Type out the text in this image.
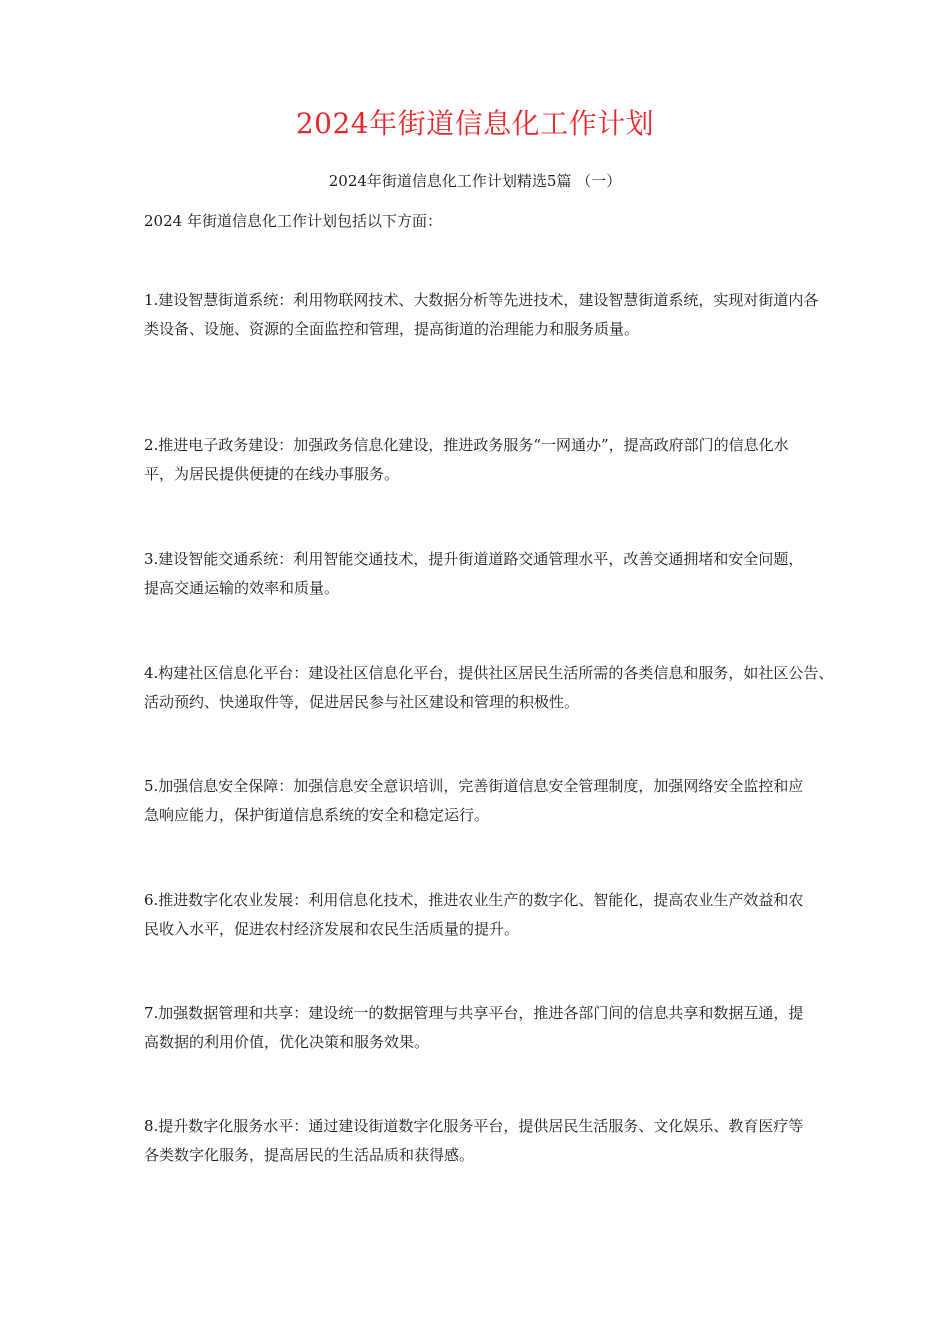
2024年街道信息化工作计划
2024年街道信息化工作计划精选5篇 （一）
2024 年街道信息化工作计划包括以下方面：
1.建设智慧街道系统：利用物联网技术、大数据分析等先进技术，建设智慧街道系统，实现对街道内各类设备、设施、资源的全面监控和管理，提高街道的治理能力和服务质量。
2.推进电子政务建设：加强政务信息化建设，推进政务服务“一网通办”，提高政府部门的信息化水平，为居民提供便捷的在线办事服务。
3.建设智能交通系统：利用智能交通技术，提升街道道路交通管理水平，改善交通拥堵和安全问题，提高交通运输的效率和质量。
4.构建社区信息化平台：建设社区信息化平台，提供社区居民生活所需的各类信息和服务，如社区公告、活动预约、快递取件等，促进居民参与社区建设和管理的积极性。
5.加强信息安全保障：加强信息安全意识培训，完善街道信息安全管理制度，加强网络安全监控和应急响应能力，保护街道信息系统的安全和稳定运行。
6.推进数字化农业发展：利用信息化技术，推进农业生产的数字化、智能化，提高农业生产效益和农民收入水平，促进农村经济发展和农民生活质量的提升。
7.加强数据管理和共享：建设统一的数据管理与共享平台，推进各部门间的信息共享和数据互通，提高数据的利用价值，优化决策和服务效果。
8.提升数字化服务水平：通过建设街道数字化服务平台，提供居民生活服务、文化娱乐、教育医疗等各类数字化服务，提高居民的生活品质和获得感。
